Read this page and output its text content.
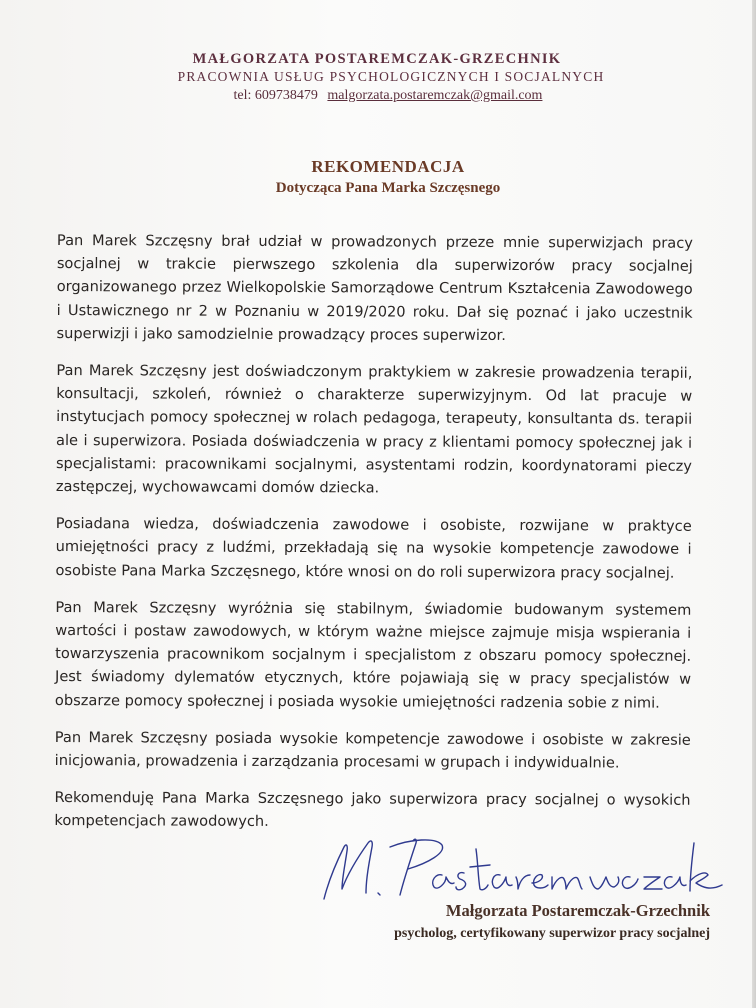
MAŁGORZATA POSTAREMCZAK-GRZECHNIK
PRACOWNIA USŁUG PSYCHOLOGICZNYCH I SOCJALNYCH
tel: 609738479 malgorzata.postaremczak@gmail.com
REKOMENDACJA
Dotycząca Pana Marka Szczęsnego

Pan Marek Szczęsny brał udział w prowadzonych przeze mnie superwizjach pracy socjalnej w trakcie pierwszego szkolenia dla superwizorów pracy socjalnej organizowanego przez Wielkopolskie Samorządowe Centrum Kształcenia Zawodowego i Ustawicznego nr 2 w Poznaniu w 2019/2020 roku. Dał się poznać i jako uczestnik superwizji i jako samodzielnie prowadzący proces superwizor.

Pan Marek Szczęsny jest doświadczonym praktykiem w zakresie prowadzenia terapii, konsultacji, szkoleń, również o charakterze superwizyjnym. Od lat pracuje w instytucjach pomocy społecznej w rolach pedagoga, terapeuty, konsultanta ds. terapii ale i superwizora. Posiada doświadczenia w pracy z klientami pomocy społecznej jak i specjalistami: pracownikami socjalnymi, asystentami rodzin, koordynatorami pieczy zastępczej, wychowawcami domów dziecka.

Posiadana wiedza, doświadczenia zawodowe i osobiste, rozwijane w praktyce umiejętności pracy z ludźmi, przekładają się na wysokie kompetencje zawodowe i osobiste Pana Marka Szczęsnego, które wnosi on do roli superwizora pracy socjalnej.

Pan Marek Szczęsny wyróżnia się stabilnym, świadomie budowanym systemem wartości i postaw zawodowych, w którym ważne miejsce zajmuje misja wspierania i towarzyszenia pracownikom socjalnym i specjalistom z obszaru pomocy społecznej. Jest świadomy dylematów etycznych, które pojawiają się w pracy specjalistów w obszarze pomocy społecznej i posiada wysokie umiejętności radzenia sobie z nimi.

Pan Marek Szczęsny posiada wysokie kompetencje zawodowe i osobiste w zakresie inicjowania, prowadzenia i zarządzania procesami w grupach i indywidualnie.

Rekomenduję Pana Marka Szczęsnego jako superwizora pracy socjalnej o wysokich kompetencjach zawodowych.

Małgorzata Postaremczak-Grzechnik
psycholog, certyfikowany superwizor pracy socjalnej
